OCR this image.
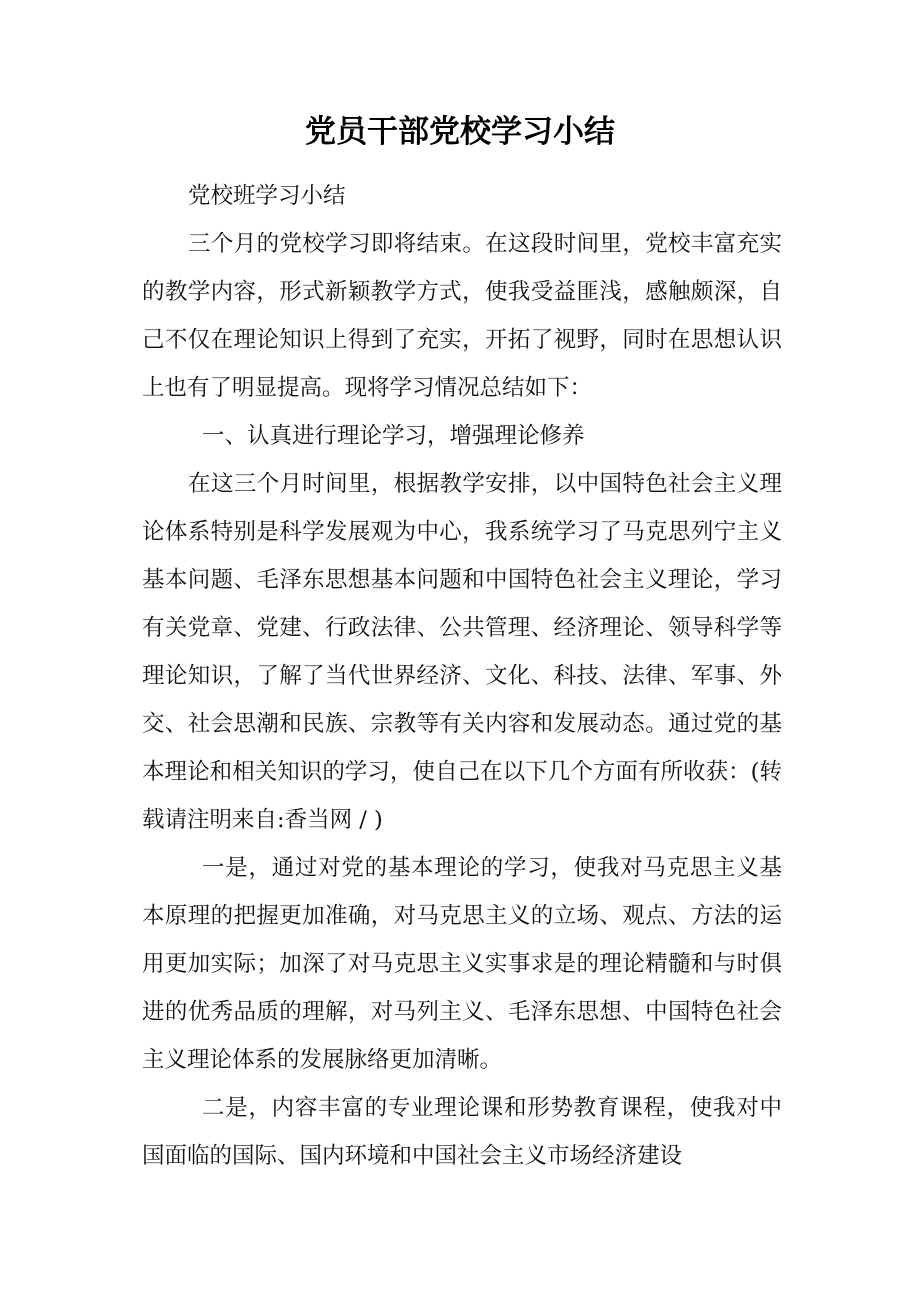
党员干部党校学习小结

党校班学习小结

三个月的党校学习即将结束。在这段时间里，党校丰富充实的教学内容，形式新颖教学方式，使我受益匪浅，感触颇深，自己不仅在理论知识上得到了充实，开拓了视野，同时在思想认识上也有了明显提高。现将学习情况总结如下：

一、认真进行理论学习，增强理论修养

在这三个月时间里，根据教学安排，以中国特色社会主义理论体系特别是科学发展观为中心，我系统学习了马克思列宁主义基本问题、毛泽东思想基本问题和中国特色社会主义理论，学习有关党章、党建、行政法律、公共管理、经济理论、领导科学等理论知识，了解了当代世界经济、文化、科技、法律、军事、外交、社会思潮和民族、宗教等有关内容和发展动态。通过党的基本理论和相关知识的学习，使自己在以下几个方面有所收获：(转载请注明来自:香当网 / )

一是，通过对党的基本理论的学习，使我对马克思主义基本原理的把握更加准确，对马克思主义的立场、观点、方法的运用更加实际；加深了对马克思主义实事求是的理论精髓和与时俱进的优秀品质的理解，对马列主义、毛泽东思想、中国特色社会主义理论体系的发展脉络更加清晰。

二是，内容丰富的专业理论课和形势教育课程，使我对中国面临的国际、国内环境和中国社会主义市场经济建设
